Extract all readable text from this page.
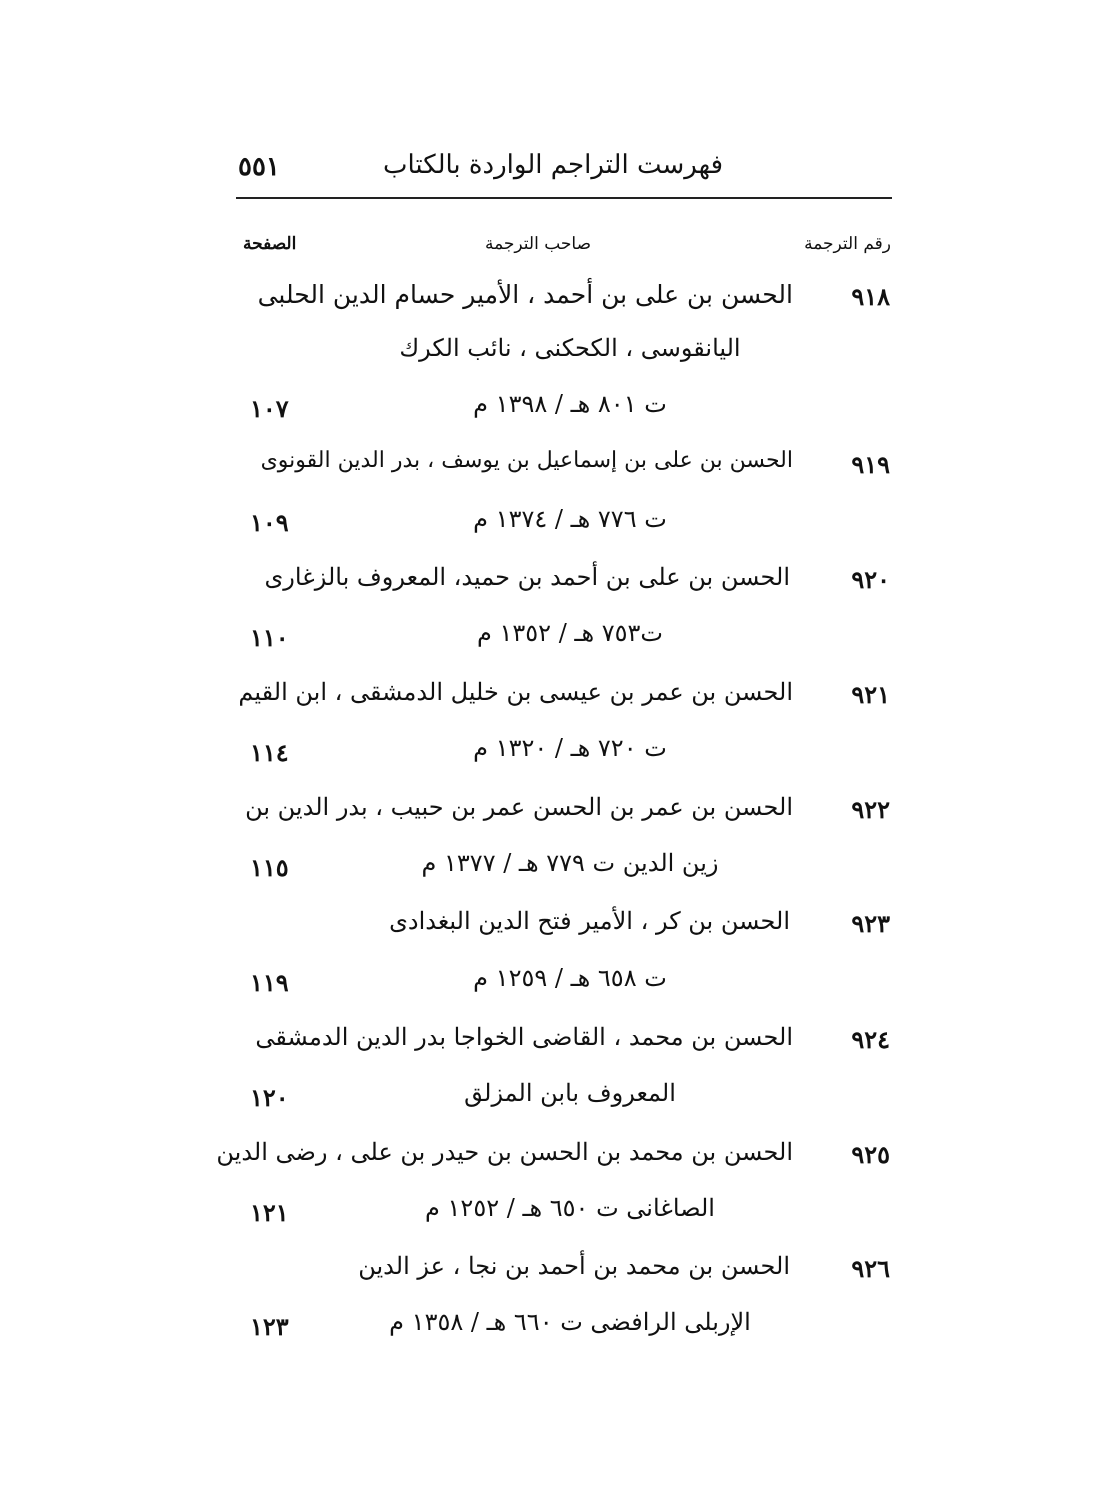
فهرست التراجم الواردة بالكتاب
٥٥١
رقم الترجمة
صاحب الترجمة
الصفحة
٩١٨
الحسن بن على بن أحمد ، الأمير حسام الدين الحلبى
اليانقوسى ، الكحكنى ، نائب الكرك
ت ٨٠١ هـ / ١٣٩٨ م
١٠٧
٩١٩
الحسن بن على بن إسماعيل بن يوسف ، بدر الدين القونوى
ت ٧٧٦ هـ / ١٣٧٤ م
١٠٩
٩٢٠
الحسن بن على بن أحمد بن حميد، المعروف بالزغارى
ت٧٥٣ هـ / ١٣٥٢ م
١١٠
٩٢١
الحسن بن عمر بن عيسى بن خليل الدمشقى ، ابن القيم
ت ٧٢٠ هـ / ١٣٢٠ م
١١٤
٩٢٢
الحسن بن عمر بن الحسن عمر بن حبيب ، بدر الدين بن
زين الدين ت ٧٧٩ هـ / ١٣٧٧ م
١١٥
٩٢٣
الحسن بن كر ، الأمير فتح الدين البغدادى
ت ٦٥٨ هـ / ١٢٥٩ م
١١٩
٩٢٤
الحسن بن محمد ، القاضى الخواجا بدر الدين الدمشقى
المعروف بابن المزلق
١٢٠
٩٢٥
الحسن بن محمد بن الحسن بن حيدر بن على ، رضى الدين
الصاغانى ت ٦٥٠ هـ / ١٢٥٢ م
١٢١
٩٢٦
الحسن بن محمد بن أحمد بن نجا ، عز الدين
الإربلى الرافضى ت ٦٦٠ هـ / ١٣٥٨ م
١٢٣
